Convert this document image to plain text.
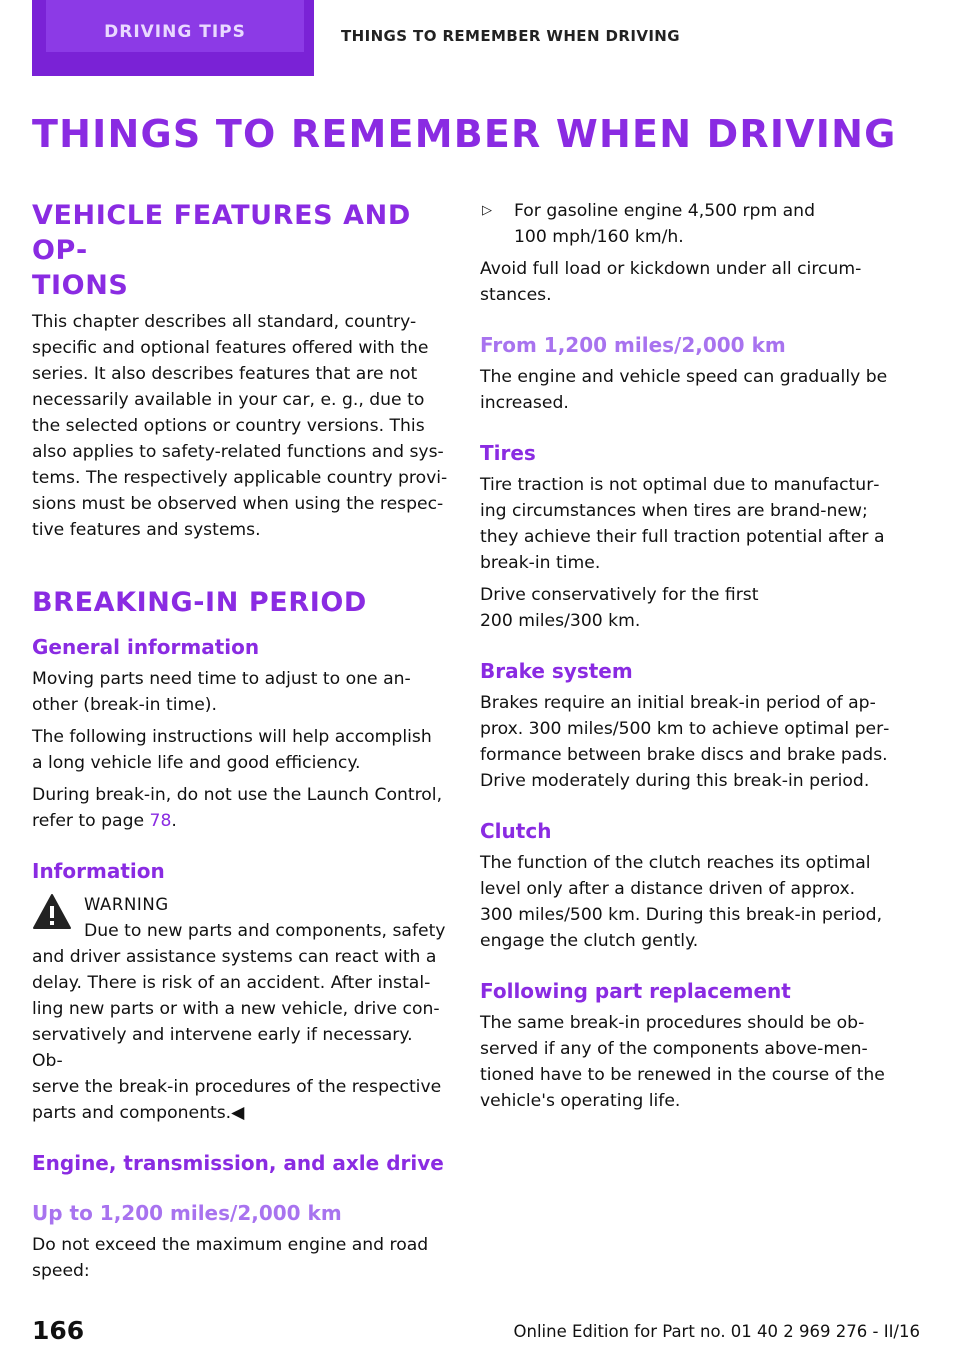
DRIVING TIPS	THINGS TO REMEMBER WHEN DRIVING
THINGS TO REMEMBER WHEN DRIVING
VEHICLE FEATURES AND OP‐
TIONS

This chapter describes all standard, country-
specific and optional features offered with the
series. It also describes features that are not
necessarily available in your car, e. g., due to
the selected options or country versions. This
also applies to safety-related functions and sys‐
tems. The respectively applicable country provi‐
sions must be observed when using the respec‐
tive features and systems.

BREAKING-IN PERIOD
General information

Moving parts need time to adjust to one an‐
other (break-in time).

The following instructions will help accomplish
a long vehicle life and good efficiency.

During break-in, do not use the Launch Control,
refer to page 78.

Information

WARNING

Due to new parts and components, safety

and driver assistance systems can react with a
delay. There is risk of an accident. After instal‐
ling new parts or with a new vehicle, drive con‐
servatively and intervene early if necessary. Ob‐
serve the break-in procedures of the respective
parts and components.◀

Engine, transmission, and axle drive
Up to 1,200 miles/2,000 km

Do not exceed the maximum engine and road
speed:

▷ For gasoline engine 4,500 rpm and
100 mph/160 km/h.

Avoid full load or kickdown under all circum‐
stances.

From 1,200 miles/2,000 km

The engine and vehicle speed can gradually be
increased.

Tires

Tire traction is not optimal due to manufactur‐
ing circumstances when tires are brand-new;
they achieve their full traction potential after a
break-in time.

Drive conservatively for the first
200 miles/300 km.

Brake system

Brakes require an initial break-in period of ap‐
prox. 300 miles/500 km to achieve optimal per‐
formance between brake discs and brake pads.
Drive moderately during this break-in period.

Clutch

The function of the clutch reaches its optimal
level only after a distance driven of approx.
300 miles/500 km. During this break-in period,
engage the clutch gently.

Following part replacement

The same break-in procedures should be ob‐
served if any of the components above-men‐
tioned have to be renewed in the course of the
vehicle's operating life.

166	Online Edition for Part no. 01 40 2 969 276 - II/16
